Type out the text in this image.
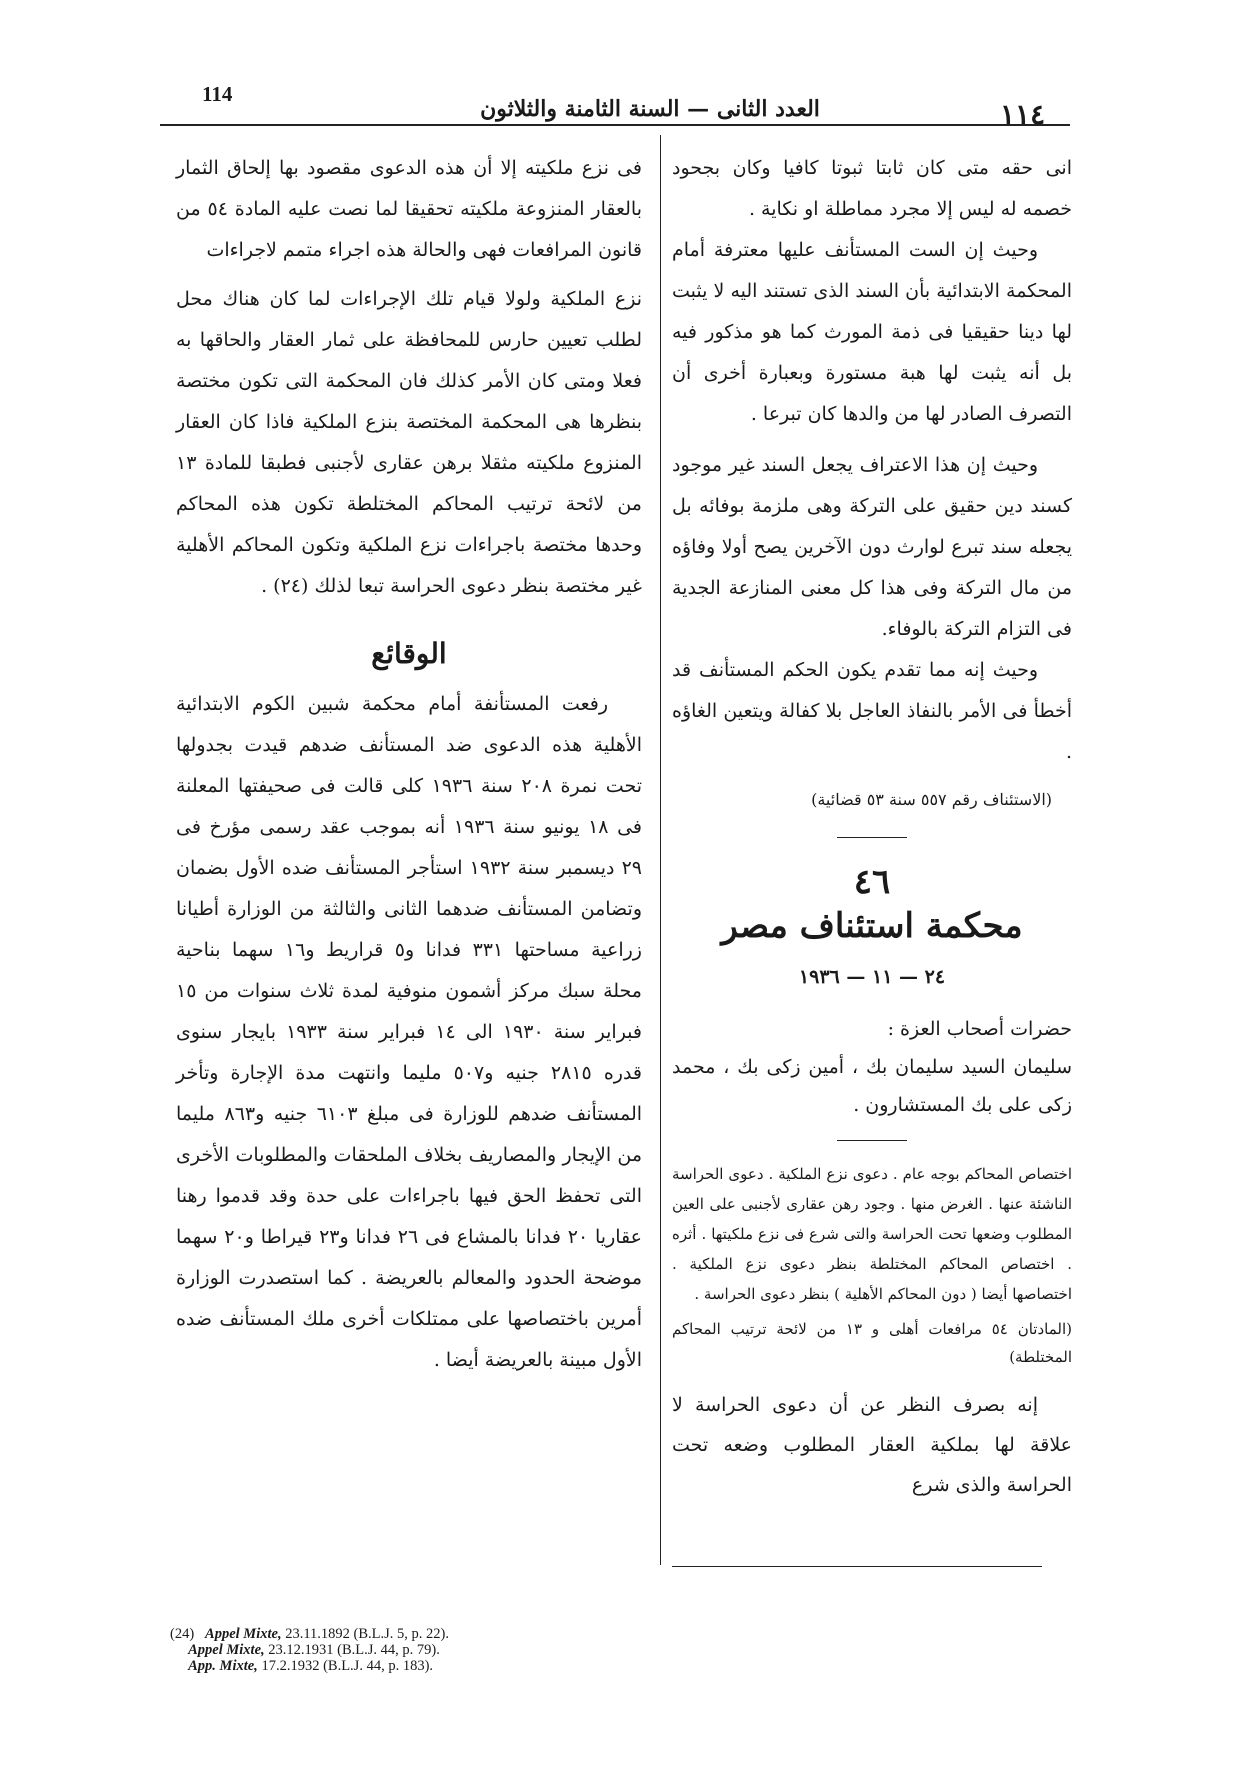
114
العدد الثانى — السنة الثامنة والثلاثون	١١٤

انى حقه متى كان ثابتا ثبوتا كافيا وكان بجحود خصمه له ليس إلا مجرد مماطلة او نكاية .

وحيث إن الست المستأنف عليها معترفة أمام المحكمة الابتدائية بأن السند الذى تستند اليه لا يثبت لها دينا حقيقيا فى ذمة المورث كما هو مذكور فيه بل أنه يثبت لها هبة مستورة وبعبارة أخرى أن التصرف الصادر لها من والدها كان تبرعا .

وحيث إن هذا الاعتراف يجعل السند غير موجود كسند دين حقيق على التركة وهى ملزمة بوفائه بل يجعله سند تبرع لوارث دون الآخرين يصح أولا وفاؤه من مال التركة وفى هذا كل معنى المنازعة الجدية فى التزام التركة بالوفاء.

وحيث إنه مما تقدم يكون الحكم المستأنف قد أخطأ فى الأمر بالنفاذ العاجل بلا كفالة ويتعين الغاؤه .

(الاستئناف رقم ٥٥٧ سنة ٥٣ قضائية)

٤٦
محكمة استئناف مصر
٢٤ — ١١ — ١٩٣٦

حضرات أصحاب العزة :

سليمان السيد سليمان بك ، أمين زكى بك ، محمد زكى على بك المستشارون .

اختصاص المحاكم بوجه عام . دعوى نزع الملكية . دعوى الحراسة الناشئة عنها . الغرض منها . وجود رهن عقارى لأجنبى على العين المطلوب وضعها تحت الحراسة والتى شرع فى نزع ملكيتها . أثره . اختصاص المحاكم المختلطة بنظر دعوى نزع الملكية . اختصاصها أيضا ( دون المحاكم الأهلية ) بنظر دعوى الحراسة .

(المادتان ٥٤ مرافعات أهلى و ١٣ من لائحة ترتيب المحاكم المختلطة)

إنه بصرف النظر عن أن دعوى الحراسة لا علاقة لها بملكية العقار المطلوب وضعه تحت الحراسة والذى شرع

فى نزع ملكيته إلا أن هذه الدعوى مقصود بها إلحاق الثمار بالعقار المنزوعة ملكيته تحقيقا لما نصت عليه المادة ٥٤ من قانون المرافعات فهى والحالة هذه اجراء متمم لاجراءات

نزع الملكية ولولا قيام تلك الإجراءات لما كان هناك محل لطلب تعيين حارس للمحافظة على ثمار العقار والحاقها به فعلا ومتى كان الأمر كذلك فان المحكمة التى تكون مختصة بنظرها هى المحكمة المختصة بنزع الملكية فاذا كان العقار المنزوع ملكيته مثقلا برهن عقارى لأجنبى فطبقا للمادة ١٣ من لائحة ترتيب المحاكم المختلطة تكون هذه المحاكم وحدها مختصة باجراءات نزع الملكية وتكون المحاكم الأهلية غير مختصة بنظر دعوى الحراسة تبعا لذلك (٢٤) .

الوقائع

رفعت المستأنفة أمام محكمة شبين الكوم الابتدائية الأهلية هذه الدعوى ضد المستأنف ضدهم قيدت بجدولها تحت نمرة ٢٠٨ سنة ١٩٣٦ كلى قالت فى صحيفتها المعلنة فى ١٨ يونيو سنة ١٩٣٦ أنه بموجب عقد رسمى مؤرخ فى ٢٩ ديسمبر سنة ١٩٣٢ استأجر المستأنف ضده الأول بضمان وتضامن المستأنف ضدهما الثانى والثالثة من الوزارة أطيانا زراعية مساحتها ٣٣١ فدانا و٥ قراريط و١٦ سهما بناحية محلة سبك مركز أشمون منوفية لمدة ثلاث سنوات من ١٥ فبراير سنة ١٩٣٠ الى ١٤ فبراير سنة ١٩٣٣ بايجار سنوى قدره ٢٨١٥ جنيه و٥٠٧ مليما وانتهت مدة الإجارة وتأخر المستأنف ضدهم للوزارة فى مبلغ ٦١٠٣ جنيه و٨٦٣ مليما من الإيجار والمصاريف بخلاف الملحقات والمطلوبات الأخرى التى تحفظ الحق فيها باجراءات على حدة وقد قدموا رهنا عقاريا ٢٠ فدانا بالمشاع فى ٢٦ فدانا و٢٣ قيراطا و٢٠ سهما موضحة الحدود والمعالم بالعريضة . كما استصدرت الوزارة أمرين باختصاصها على ممتلكات أخرى ملك المستأنف ضده الأول مبينة بالعريضة أيضا .

(24) Appel Mixte, 23.11.1892 (B.L.J. 5, p. 22).
Appel Mixte, 23.12.1931 (B.L.J. 44, p. 79).
App. Mixte, 17.2.1932 (B.L.J. 44, p. 183).
